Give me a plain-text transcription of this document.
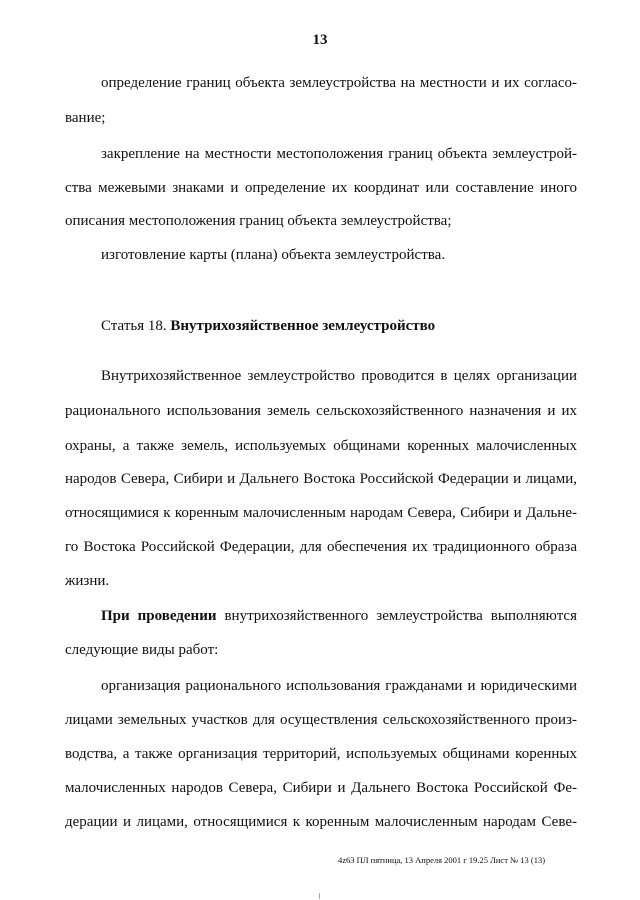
13
определение границ объекта землеустройства на местности и их согласо-
вание;
закрепление на местности местоположения границ объекта землеустрой-
ства межевыми знаками и определение их координат или составление иного
описания местоположения границ объекта землеустройства;
изготовление карты (плана) объекта землеустройства.
Статья 18. Внутрихозяйственное землеустройство
Внутрихозяйственное землеустройство проводится в целях организации
рационального использования земель сельскохозяйственного назначения и их
охраны, а также земель, используемых общинами коренных малочисленных
народов Севера, Сибири и Дальнего Востока Российской Федерации и лицами,
относящимися к коренным малочисленным народам Севера, Сибири и Дальне-
го Востока Российской Федерации, для обеспечения их традиционного образа
жизни.
При проведении внутрихозяйственного землеустройства выполняются
следующие виды работ:
организация рационального использования гражданами и юридическими
лицами земельных участков для осуществления сельскохозяйственного произ-
водства, а также организация территорий, используемых общинами коренных
малочисленных народов Севера, Сибири и Дальнего Востока Российской Фе-
дерации и лицами, относящимися к коренным малочисленным народам Севе-
4z63 ПЛ пятница, 13 Апреля 2001 г 19.25 Лист № 13 (13)
